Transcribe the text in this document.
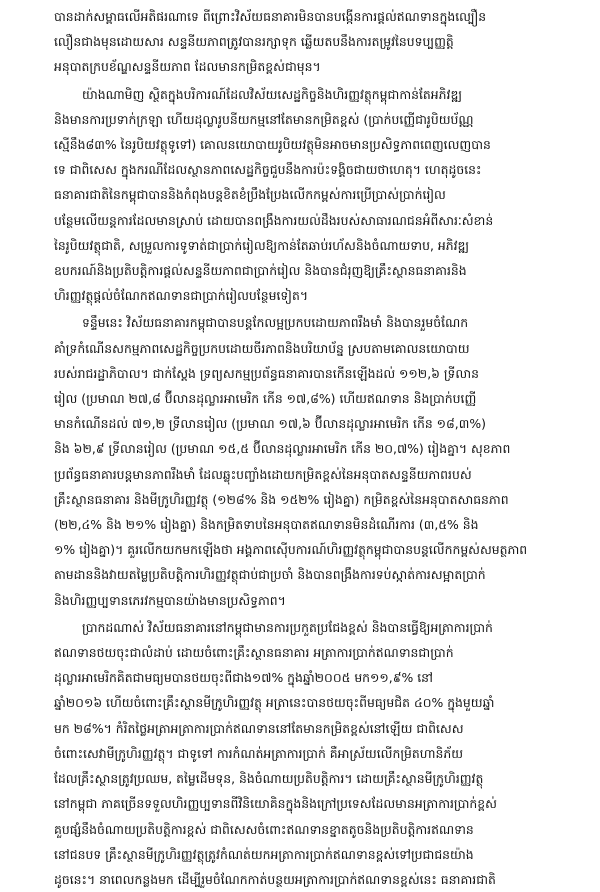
បានដាក់សម្ពាធលើអតិផរណាទេ ពីព្រោះវិស័យធនាគារមិនបានបង្កើនការផ្តល់ឥណទានក្នុងល្បឿន
លឿនជាងមុនដោយសារ សន្ទនីយភាពត្រូវបានរក្សាទុក ឆ្លើយតបនឹងការតម្រូវនៃបទប្បញ្ញត្តិ
អនុបាតក្របខ័ណ្ឌសន្ទនីយភាព ដែលមានកម្រិតខ្ពស់ជាមុន។
យ៉ាងណាមិញ ស្ថិតក្នុងបរិការណ៍ដែលវិស័យសេដ្ឋកិច្ចនិងហិរញ្ញវត្ថុកម្ពុជាកាន់តែអភិវឌ្ឍ
និងមានការប្រទាក់ក្រឡា ហើយដុល្លារូបនីយកម្មនៅតែមានកម្រិតខ្ពស់ (ប្រាក់បញ្ញើជារូបិយប័ណ្ណ
ស្មើនឹង៨៣% នៃរូបិយវត្ថុទូទៅ) គោលនយោបាយរូបិយវត្ថុមិនអាចមានប្រសិទ្ធភាពពេញលេញបាន
ទេ ជាពិសេស ក្នុងករណីដែលស្ថានភាពសេដ្ឋកិច្ចជួបនឹងការប៉ះទង្គិចជាយថាហេតុ។ ហេតុដូចនេះ
ធនាគារជាតិនៃកម្ពុជាបាននិងកំពុងបន្តខិតខំប្រឹងប្រែងលើកកម្ពស់ការប្រើប្រាស់ប្រាក់រៀល
បន្ថែមលើយន្តការដែលមានស្រាប់ ដោយបានពង្រឹងការយល់ដឹងរបស់សាធារណជនអំពីសារៈសំខាន់
នៃរូបិយវត្ថុជាតិ, សម្រួលការទូទាត់ជាប្រាក់រៀលឱ្យកាន់តែឆាប់រហ័សនិងចំណាយទាប, អភិវឌ្ឍ
ឧបករណ៍និងប្រតិបត្តិការផ្តល់សន្ទនីយភាពជាប្រាក់រៀល និងបានជំរុញឱ្យគ្រឹះស្ថានធនាគារនិង
ហិរញ្ញវត្ថុផ្តល់ចំណែកឥណទានជាប្រាក់រៀលបន្ថែមទៀត។
ទន្ទឹមនេះ វិស័យធនាគារកម្ពុជាបានបន្តកែលម្អប្រកបដោយភាពរឹងមាំ និងបានរួមចំណែក
គាំទ្រកំណើនសកម្មភាពសេដ្ឋកិច្ចប្រកបដោយចីរភាពនិងបរិយាប័ន្ន ស្របតាមគោលនយោបាយ
របស់រាជរដ្ឋាភិបាល។ ជាក់ស្តែង ទ្រព្យសកម្មប្រព័ន្ធធនាគារបានកើនឡើងដល់ ១១២,៦ ទ្រីលាន
រៀល (ប្រមាណ ២៧,៨ ប៊ីលានដុល្លារអាមេរិក កើន ១៧,៨%) ហើយឥណទាន និងប្រាក់បញ្ញើ
មានកំណើនដល់ ៧១,២ ទ្រីលានរៀល (ប្រមាណ ១៧,៦ ប៊ីលានដុល្លារអាមេរិក កើន ១៨,៣%)
និង ៦២,៩ ទ្រីលានរៀល (ប្រមាណ ១៥,៥ ប៊ីលានដុល្លារអាមេរិក កើន ២០,៧%) រៀងគ្នា។ សុខភាព
ប្រព័ន្ធធនាគារបន្តមានភាពរឹងមាំ ដែលឆ្លុះបញ្ចាំងដោយកម្រិតខ្ពស់នៃអនុបាតសន្ទនីយភាពរបស់
គ្រឹះស្ថានធនាគារ និងមីក្រូហិរញ្ញវត្ថុ (១២៨% និង ១៥២% រៀងគ្នា) កម្រិតខ្ពស់នៃអនុបាតសាធនភាព
(២២,៤% និង ២១% រៀងគ្នា) និងកម្រិតទាបនៃអនុបាតឥណទានមិនដំណើរការ (៣,៥% និង
១% រៀងគ្នា)។ គួរលើកយកមកឡើងថា អង្គភាពស៊ើបការណ៍ហិរញ្ញវត្ថុកម្ពុជាបានបន្តលើកកម្ពស់សមត្ថភាព
តាមដាននិងវាយតម្លៃប្រតិបត្តិការហិរញ្ញវត្ថុជាប់ជាប្រចាំ និងបានពង្រឹងការទប់ស្កាត់ការសម្អាតប្រាក់
និងហិរញ្ញប្បទានភេរវកម្មបានយ៉ាងមានប្រសិទ្ធភាព។
ប្រាកដណាស់ វិស័យធនាគារនៅកម្ពុជាមានការប្រកួតប្រជែងខ្ពស់ និងបានធ្វើឱ្យអត្រាការប្រាក់
ឥណទានថយចុះជាលំដាប់ ដោយចំពោះគ្រឹះស្ថានធនាគារ អត្រាការប្រាក់ឥណទានជាប្រាក់
ដុល្លារអាមេរិកគិតជាមធ្យមបានថយចុះពីជាង១៧% ក្នុងឆ្នាំ២០០៥ មក១១,៩% នៅ
ឆ្នាំ២០១៦ ហើយចំពោះគ្រឹះស្ថានមីក្រូហិរញ្ញវត្ថុ អត្រានេះបានថយចុះពីមធ្យមជិត ៤០% ក្នុងមួយឆ្នាំ
មក ២៨%។ កំរិតថ្លៃអត្រាអត្រាការប្រាក់ឥណទាននៅតែមានកម្រិតខ្ពស់នៅឡើយ ជាពិសេស
ចំពោះសេវាមីក្រូហិរញ្ញវត្ថុ។ ជាទូទៅ ការកំណត់អត្រាការប្រាក់ គឺអាស្រ័យលើកម្រិតហានិភ័យ
ដែលគ្រឹះស្ថានត្រូវប្រឈម, តម្លៃដើមទុន, និងចំណាយប្រតិបត្តិការ។ ដោយគ្រឹះស្ថានមីក្រូហិរញ្ញវត្ថុ
នៅកម្ពុជា ភាគច្រើនទទួលហិរញ្ញប្បទានពីវិនិយោគិនក្នុងនិងក្រៅប្រទេសដែលមានអត្រាការប្រាក់ខ្ពស់
គួបផ្សំនឹងចំណាយប្រតិបត្តិការខ្ពស់ ជាពិសេសចំពោះឥណទានខ្នាតតូចនិងប្រតិបត្តិការឥណទាន
នៅជនបទ គ្រឹះស្ថានមីក្រូហិរញ្ញវត្ថុត្រូវកំណត់យកអត្រាការប្រាក់ឥណទានខ្ពស់ទៅប្រជាជនយ៉ាង
ដូចនេះ។ នាពេលកន្លងមក ដើម្បីរួមចំណែកកាត់បន្ថយអត្រាការប្រាក់ឥណទានខ្ពស់នេះ ធនាគារជាតិ
